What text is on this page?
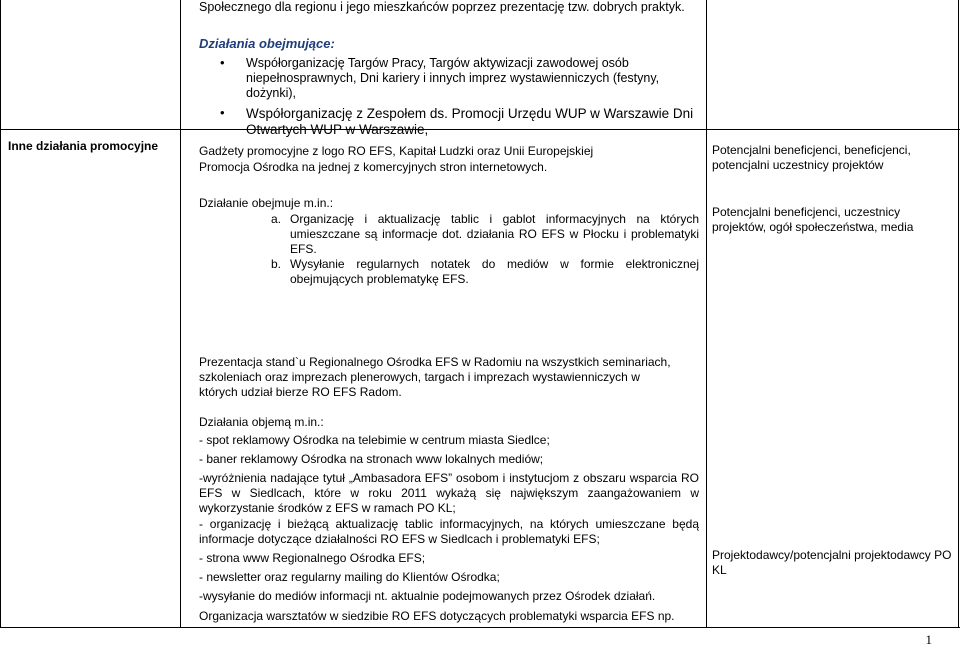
Społecznego dla regionu i jego mieszkańców poprzez prezentację tzw. dobrych praktyk.

Działania obejmujące:

• Współorganizację Targów Pracy, Targów aktywizacji zawodowej osób niepełnosprawnych, Dni kariery i innych imprez wystawienniczych (festyny, dożynki),
• Współorganizację z Zespołem ds. Promocji Urzędu WUP w Warszawie Dni Otwartych WUP w Warszawie,

Inne działania promocyjne	Gadżety promocyjne z logo RO EFS, Kapitał Ludzki oraz Unii Europejskiej
Promocja Ośrodka na jednej z komercyjnych stron internetowych.

Potencjalni beneficjenci, beneficjenci, potencjalni uczestnicy projektów

Działanie obejmuje m.in.:

a. Organizację i aktualizację tablic i gablot informacyjnych na których umieszczane są informacje dot. działania RO EFS w Płocku i problematyki EFS.
b. Wysyłanie regularnych notatek do mediów w formie elektronicznej obejmujących problematykę EFS.

Potencjalni beneficjenci, uczestnicy projektów, ogół społeczeństwa, media

Prezentacja stand`u Regionalnego Ośrodka EFS w Radomiu na wszystkich seminariach, szkoleniach oraz imprezach plenerowych, targach i imprezach wystawienniczych w których udział bierze RO EFS Radom.

Działania objemą m.in.:

- spot reklamowy Ośrodka na telebimie w centrum miasta Siedlce;
- baner reklamowy Ośrodka na stronach www lokalnych mediów;
-wyróżnienia nadające tytuł „Ambasadora EFS” osobom i instytucjom z obszaru wsparcia RO EFS w Siedlcach, które w roku 2011 wykażą się największym zaangażowaniem w wykorzystanie środków z EFS w ramach PO KL;
- organizację i bieżącą aktualizację tablic informacyjnych, na których umieszczane będą informacje dotyczące działalności RO EFS w Siedlcach i problematyki EFS;
- strona www Regionalnego Ośrodka EFS;
- newsletter oraz regularny mailing do Klientów Ośrodka;
-wysyłanie do mediów informacji nt. aktualnie podejmowanych przez Ośrodek działań.

Projektodawcy/potencjalni projektodawcy PO KL

Organizacja warsztatów w siedzibie RO EFS dotyczących problematyki wsparcia EFS np.

1
